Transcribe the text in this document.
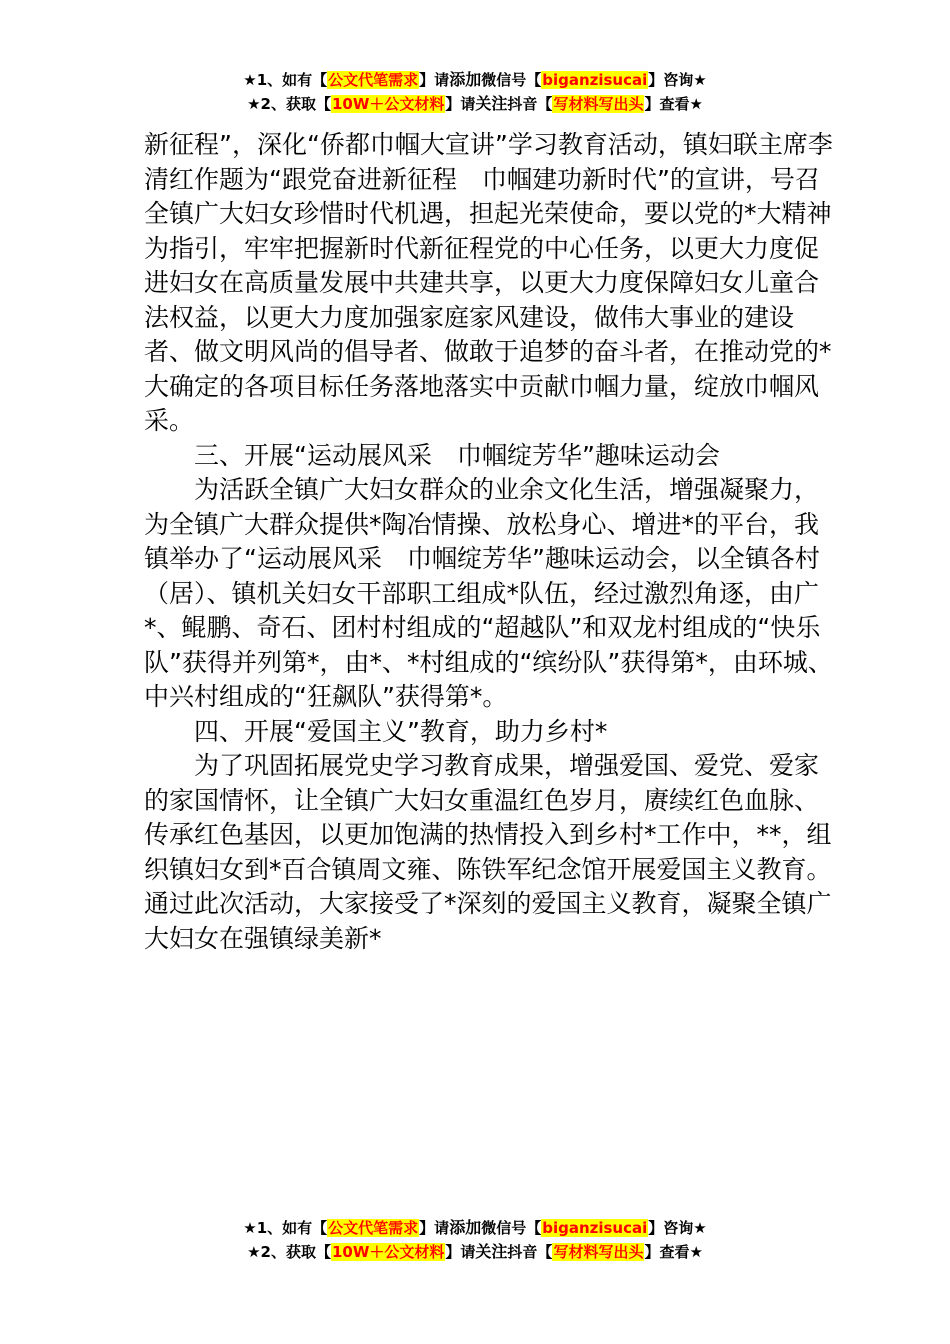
★1、如有【公文代笔需求】请添加微信号【biganzisucai】咨询★
★2、获取【10W＋公文材料】请关注抖音【写材料写出头】查看★

新征程”，深化“侨都巾帼大宣讲”学习教育活动，镇妇联主席李清红作题为“跟党奋进新征程　巾帼建功新时代”的宣讲，号召全镇广大妇女珍惜时代机遇，担起光荣使命，要以党的*大精神为指引，牢牢把握新时代新征程党的中心任务，以更大力度促进妇女在高质量发展中共建共享，以更大力度保障妇女儿童合法权益，以更大力度加强家庭家风建设，做伟大事业的建设者、做文明风尚的倡导者、做敢于追梦的奋斗者，在推动党的*大确定的各项目标任务落地落实中贡献巾帼力量，绽放巾帼风采。

三、开展“运动展风采　巾帼绽芳华”趣味运动会

为活跃全镇广大妇女群众的业余文化生活，增强凝聚力，为全镇广大群众提供*陶冶情操、放松身心、增进*的平台，我镇举办了“运动展风采　巾帼绽芳华”趣味运动会，以全镇各村（居）、镇机关妇女干部职工组成*队伍，经过激烈角逐，由广*、鲲鹏、奇石、团村村组成的“超越队”和双龙村组成的“快乐队”获得并列第*，由*、*村组成的“缤纷队”获得第*，由环城、中兴村组成的“狂飙队”获得第*。

四、开展“爱国主义”教育，助力乡村*

为了巩固拓展党史学习教育成果，增强爱国、爱党、爱家的家国情怀，让全镇广大妇女重温红色岁月，赓续红色血脉、传承红色基因，以更加饱满的热情投入到乡村*工作中，**，组织镇妇女到*百合镇周文雍、陈铁军纪念馆开展爱国主义教育。通过此次活动，大家接受了*深刻的爱国主义教育，凝聚全镇广大妇女在强镇绿美新*

★1、如有【公文代笔需求】请添加微信号【biganzisucai】咨询★
★2、获取【10W＋公文材料】请关注抖音【写材料写出头】查看★
